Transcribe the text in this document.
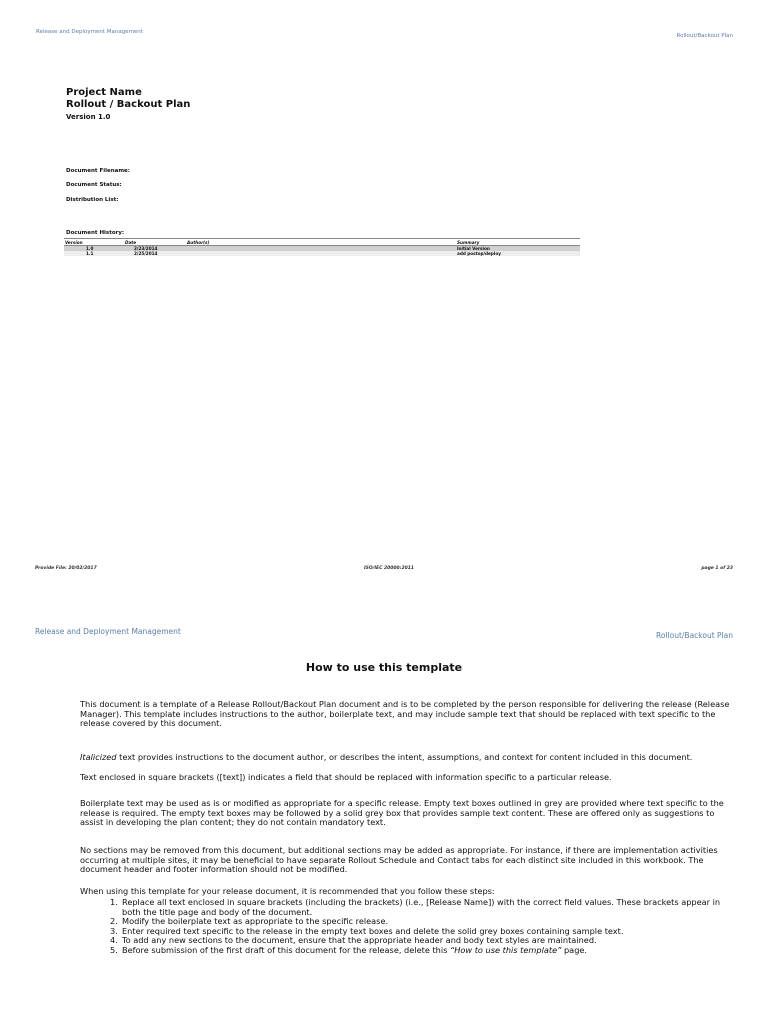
Release and Deployment Management
Rollout/Backout Plan
Project Name
Rollout / Backout Plan
Version 1.0
Document Filename:
Document Status:
Distribution List:
Document History:
Version	Date	Author(s)	Summary
1.0	2/23/2014		Initial Version
1.1	2/25/2014		add postop/deploy
Provide File: 20/02/2017	ISO/IEC 20000:2011	page 1 of 23
Release and Deployment Management	Rollout/Backout Plan
How to use this template
This document is a template of a Release Rollout/Backout Plan document and is to be completed by the person responsible for delivering the release (Release Manager). This template includes instructions to the author, boilerplate text, and may include sample text that should be replaced with text specific to the release covered by this document.
Italicized text provides instructions to the document author, or describes the intent, assumptions, and context for content included in this document.
Text enclosed in square brackets ([text]) indicates a field that should be replaced with information specific to a particular release.
Boilerplate text may be used as is or modified as appropriate for a specific release. Empty text boxes outlined in grey are provided where text specific to the release is required. The empty text boxes may be followed by a solid grey box that provides sample text content. These are offered only as suggestions to assist in developing the plan content; they do not contain mandatory text.
No sections may be removed from this document, but additional sections may be added as appropriate. For instance, if there are implementation activities occurring at multiple sites, it may be beneficial to have separate Rollout Schedule and Contact tabs for each distinct site included in this workbook. The document header and footer information should not be modified.
When using this template for your release document, it is recommended that you follow these steps:
1. Replace all text enclosed in square brackets (including the brackets) (i.e., [Release Name]) with the correct field values. These brackets appear in both the title page and body of the document.
2. Modify the boilerplate text as appropriate to the specific release.
3. Enter required text specific to the release in the empty text boxes and delete the solid grey boxes containing sample text.
4. To add any new sections to the document, ensure that the appropriate header and body text styles are maintained.
5. Before submission of the first draft of this document for the release, delete this “How to use this template” page.
